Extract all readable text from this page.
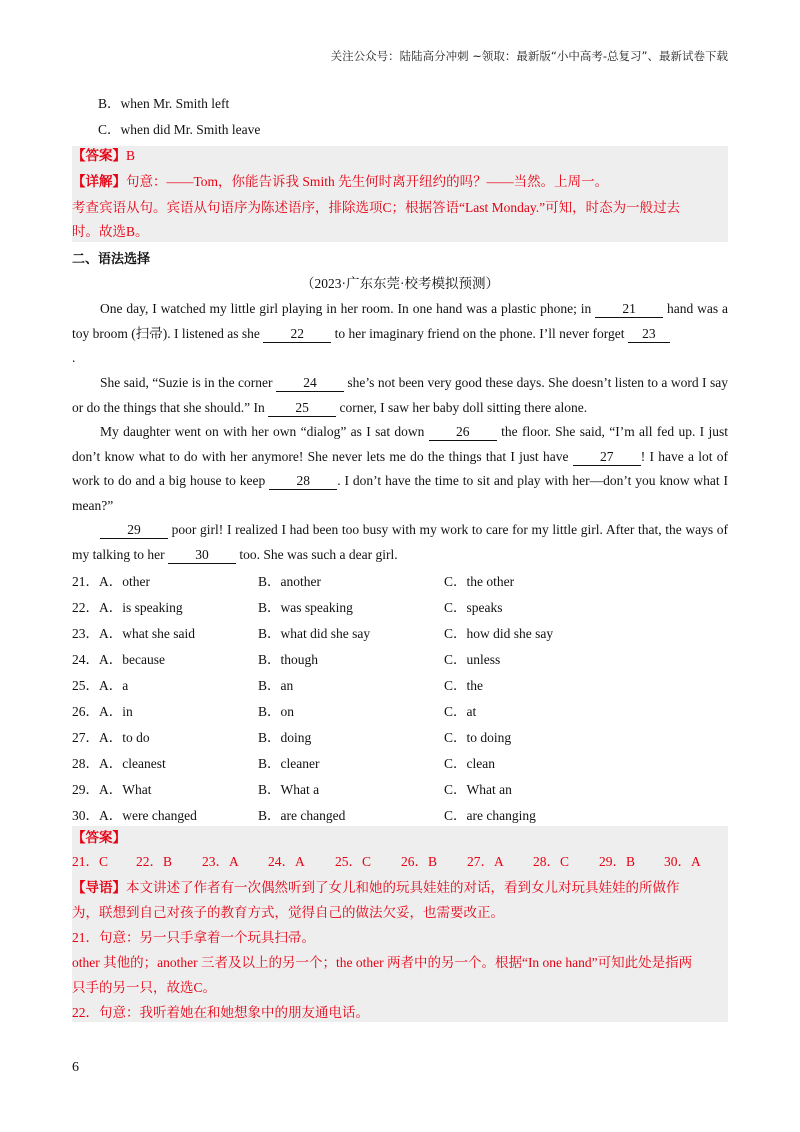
关注公众号：陆陆高分冲刺 ~领取：最新版“小中高考-总复习”、最新试卷下载
B．when Mr. Smith left
C．when did Mr. Smith leave
【答案】B
【详解】句意：——Tom，你能告诉我 Smith 先生何时离开纽约的吗？——当然。上周一。
考查宾语从句。宾语从句语序为陈述语序，排除选项C；根据答语“Last Monday.”可知，时态为一般过去
时。故选B。
二、语法选择
（2023·广东东莞·校考模拟预测）
One day, I watched my little girl playing in her room. In one hand was a plastic phone; in 21 hand was a toy broom (扫帚). I listened as she 22 to her imaginary friend on the phone. I’ll never forget 23
.
She said, “Suzie is in the corner 24 she’s not been very good these days. She doesn’t listen to a word I say or do the things that she should.” In 25 corner, I saw her baby doll sitting there alone.
My daughter went on with her own “dialog” as I sat down 26 the floor. She said, “I’m all fed up. I just don’t know what to do with her anymore! She never lets me do the things that I just have 27 ! I have a lot of work to do and a big house to keep 28 . I don’t have the time to sit and play with her—don’t you know what I mean?”
29 poor girl! I realized I had been too busy with my work to care for my little girl. After that, the ways of my talking to her 30 too. She was such a dear girl.
21．A．other	B．another	C．the other
22．A．is speaking	B．was speaking	C．speaks
23．A．what she said	B．what did she say	C．how did she say
24．A．because	B．though	C．unless
25．A．a	B．an	C．the
26．A．in	B．on	C．at
27．A．to do	B．doing	C．to doing
28．A．cleanest	B．cleaner	C．clean
29．A．What	B．What a	C．What an
30．A．were changed	B．are changed	C．are changing
【答案】
21．C 22．B 23．A 24．A 25．C 26．B 27．A 28．C 29．B 30．A
【导语】本文讲述了作者有一次偶然听到了女儿和她的玩具娃娃的对话，看到女儿对玩具娃娃的所做作
为，联想到自己对孩子的教育方式，觉得自己的做法欠妥，也需要改正。
21．句意：另一只手拿着一个玩具扫帚。
other 其他的；another 三者及以上的另一个；the other 两者中的另一个。根据“In one hand”可知此处是指两
只手的另一只，故选C。
22．句意：我听着她在和她想象中的朋友通电话。
6
